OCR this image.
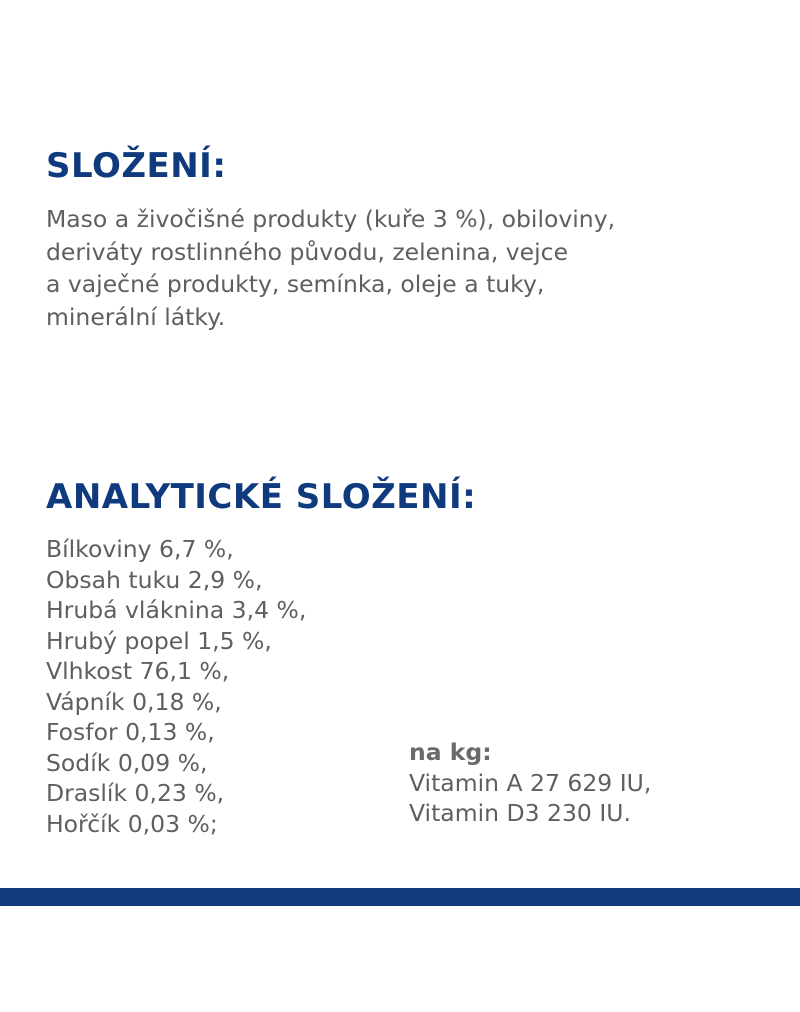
SLOŽENÍ:

Maso a živočišné produkty (kuře 3 %), obiloviny,
deriváty rostlinného původu, zelenina, vejce
a vaječné produkty, semínka, oleje a tuky,
minerální látky.

ANALYTICKÉ SLOŽENÍ:
Bílkoviny 6,7 %,
Obsah tuku 2,9 %,
Hrubá vláknina 3,4 %,
Hrubý popel 1,5 %,
Vlhkost 76,1 %,
Vápník 0,18 %,
Fosfor 0,13 %,
Sodík 0,09 %,
Draslík 0,23 %,
Hořčík 0,03 %;
na kg:
Vitamin A 27 629 IU,
Vitamin D3 230 IU.
